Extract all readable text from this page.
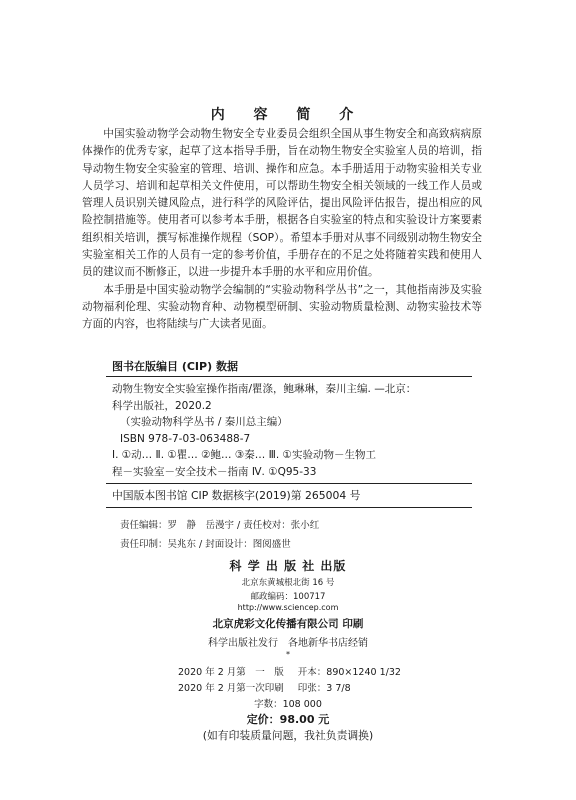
内 容 简 介

中国实验动物学会动物生物安全专业委员会组织全国从事生物安全和高致病病原体操作的优秀专家，起草了这本指导手册，旨在动物生物安全实验室人员的培训，指导动物生物安全实验室的管理、培训、操作和应急。本手册适用于动物实验相关专业人员学习、培训和起草相关文件使用，可以帮助生物安全相关领域的一线工作人员或管理人员识别关键风险点，进行科学的风险评估，提出风险评估报告，提出相应的风险控制措施等。使用者可以参考本手册，根据各自实验室的特点和实验设计方案要素组织相关培训，撰写标准操作规程（SOP）。希望本手册对从事不同级别动物生物安全实验室相关工作的人员有一定的参考价值，手册存在的不足之处将随着实践和使用人员的建议而不断修正，以进一步提升本手册的水平和应用价值。

本手册是中国实验动物学会编制的“实验动物科学丛书”之一，其他指南涉及实验动物福利伦理、实验动物育种、动物模型研制、实验动物质量检测、动物实验技术等方面的内容，也将陆续与广大读者见面。

图书在版编目 (CIP) 数据
动物生物安全实验室操作指南/瞿涤，鲍琳琳，秦川主编. —北京：
科学出版社，2020.2
（实验动物科学丛书 / 秦川总主编）
ISBN 978-7-03-063488-7
Ⅰ. ①动… Ⅱ. ①瞿… ②鲍… ③秦… Ⅲ. ①实验动物－生物工
程－实验室－安全技术－指南 Ⅳ. ①Q95-33
中国版本图书馆 CIP 数据核字(2019)第 265004 号
责任编辑：罗　静　岳漫宇 / 责任校对：张小红
责任印制：吴兆东 / 封面设计：图阅盛世
科 学 出 版 社 出版
北京东黄城根北街 16 号
邮政编码：100717
http://www.sciencep.com
北京虎彩文化传播有限公司 印刷
科学出版社发行　各地新华书店经销
*
2020 年 2 月第　一　版 开本：890×1240 1/32
2020 年 2 月第一次印刷 印张：3 7/8
字数：108 000
定价：98.00 元
(如有印装质量问题，我社负责调换)
